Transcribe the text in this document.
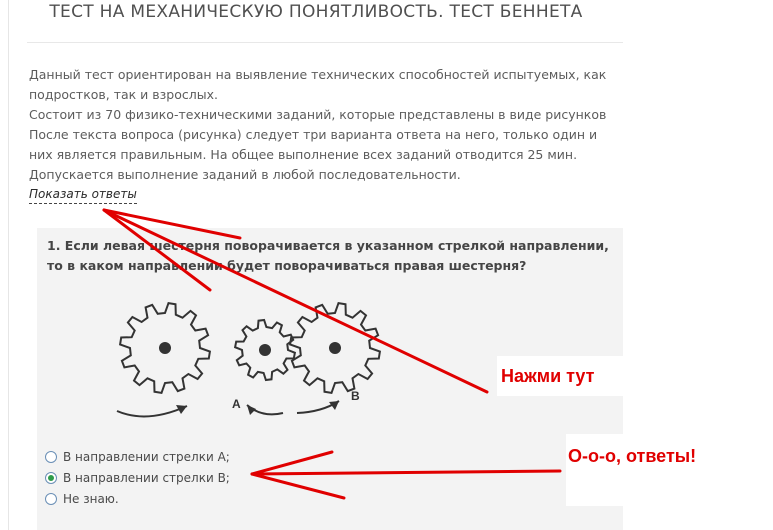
ТЕСТ НА МЕХАНИЧЕСКУЮ ПОНЯТЛИВОСТЬ. ТЕСТ БЕННЕТА
Данный тест ориентирован на выявление технических способностей испытуемых, как
подростков, так и взрослых.
Состоит из 70 физико-техническими заданий, которые представлены в виде рисунков
После текста вопроса (рисунка) следует три варианта ответа на него, только один и
них является правильным. На общее выполнение всех заданий отводится 25 мин.
Допускается выполнение заданий в любой последовательности.
Показать ответы
1. Если левая шестерня поворачивается в указанном стрелкой направлении,
то в каком направлении будет поворачиваться правая шестерня?
A
B
В направлении стрелки А;
В направлении стрелки В;
Не знаю.
Нажми тут
О-о-о, ответы!
